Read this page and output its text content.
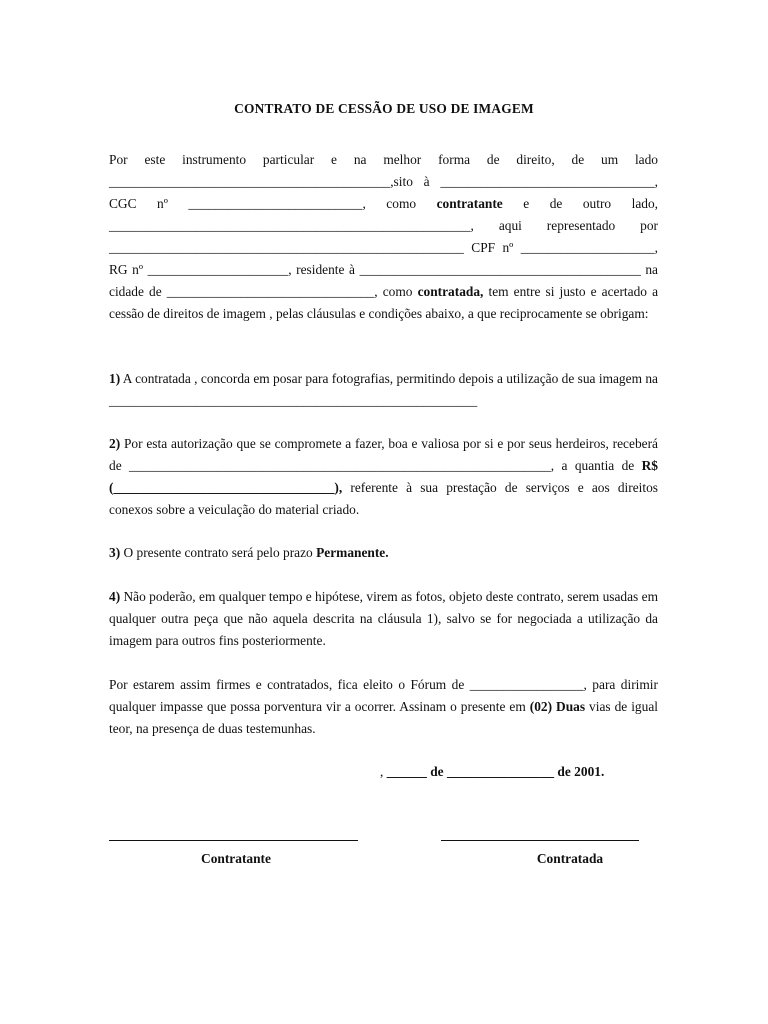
CONTRATO DE CESSÃO DE USO DE IMAGEM

Por este instrumento particular e na melhor forma de direito, de um lado __________________________________________,sito à ________________________________, CGC nº __________________________, como contratante e de outro lado, ______________________________________________________, aqui representado por _____________________________________________________ CPF nº ____________________, RG nº _____________________, residente à __________________________________________ na cidade de _______________________________, como contratada, tem entre si justo e acertado a cessão de direitos de imagem , pelas cláusulas e condições abaixo, a que reciprocamente se obrigam:

1) A contratada , concorda em posar para fotografias, permitindo depois a utilização de sua imagem na _______________________________________________________

2) Por esta autorização que se compromete a fazer, boa e valiosa por si e por seus herdeiros, receberá de _______________________________________________________________, a quantia de R$ (_________________________________), referente à sua prestação de serviços e aos direitos conexos sobre a veiculação do material criado.

3) O presente contrato será pelo prazo Permanente.

4) Não poderão, em qualquer tempo e hipótese, virem as fotos, objeto deste contrato, serem usadas em qualquer outra peça que não aquela descrita na cláusula 1), salvo se for negociada a utilização da imagem para outros fins posteriormente.

Por estarem assim firmes e contratados, fica eleito o Fórum de _________________, para dirimir qualquer impasse que possa porventura vir a ocorrer. Assinam o presente em (02) Duas vias de igual teor, na presença de duas testemunhas.

, ______ de ________________ de 2001.
Contratante	Contratada
